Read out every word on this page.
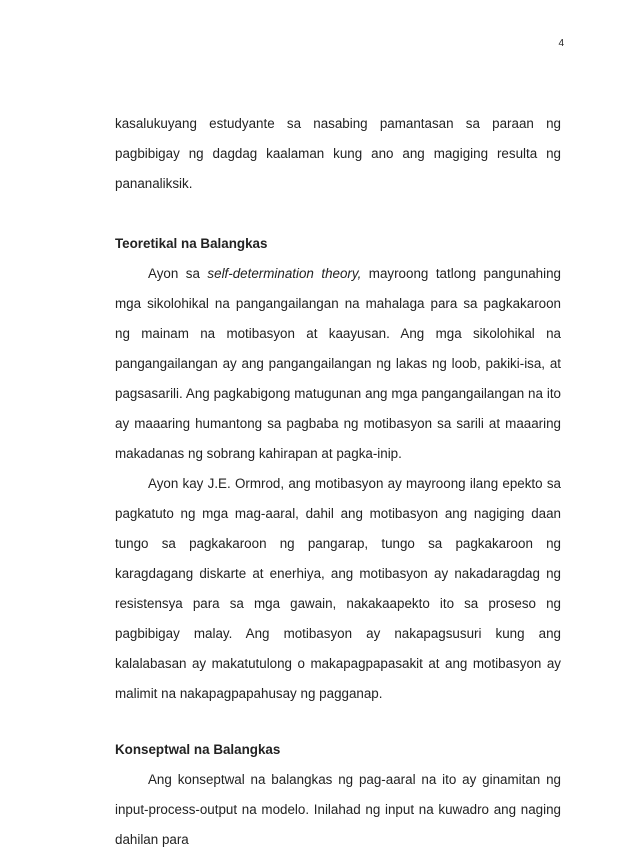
4

kasalukuyang estudyante sa nasabing pamantasan sa paraan ng pagbibigay ng dagdag kaalaman kung ano ang magiging resulta ng pananaliksik.

Teoretikal na Balangkas

Ayon sa self-determination theory, mayroong tatlong pangunahing mga sikolohikal na pangangailangan na mahalaga para sa pagkakaroon ng mainam na motibasyon at kaayusan. Ang mga sikolohikal na pangangailangan ay ang pangangailangan ng lakas ng loob, pakiki-isa, at pagsasarili. Ang pagkabigong matugunan ang mga pangangailangan na ito ay maaaring humantong sa pagbaba ng motibasyon sa sarili at maaaring makadanas ng sobrang kahirapan at pagka-inip.

Ayon kay J.E. Ormrod, ang motibasyon ay mayroong ilang epekto sa pagkatuto ng mga mag-aaral, dahil ang motibasyon ang nagiging daan tungo sa pagkakaroon ng pangarap, tungo sa pagkakaroon ng karagdagang diskarte at enerhiya, ang motibasyon ay nakadaragdag ng resistensya para sa mga gawain, nakakaapekto ito sa proseso ng pagbibigay malay. Ang motibasyon ay nakapagsusuri kung ang kalalabasan ay makatutulong o makapagpapasakit at ang motibasyon ay malimit na nakapagpapahusay ng pagganap.

Konseptwal na Balangkas

Ang konseptwal na balangkas ng pag-aaral na ito ay ginamitan ng input-process-output na modelo. Inilahad ng input na kuwadro ang naging dahilan para
